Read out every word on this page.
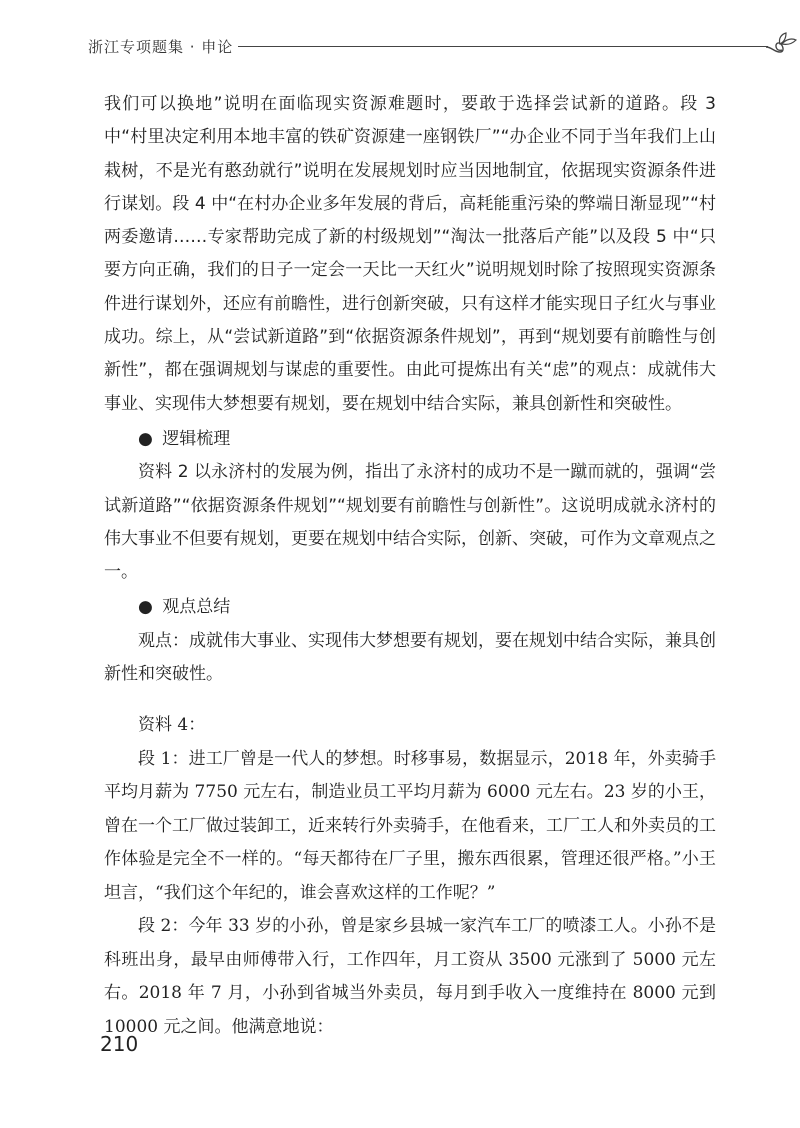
浙江专项题集 · 申论

我们可以换地”说明在面临现实资源难题时，要敢于选择尝试新的道路。段 3 中“村里决定利用本地丰富的铁矿资源建一座钢铁厂”“办企业不同于当年我们上山栽树，不是光有憨劲就行”说明在发展规划时应当因地制宜，依据现实资源条件进行谋划。段 4 中“在村办企业多年发展的背后，高耗能重污染的弊端日渐显现”“村两委邀请……专家帮助完成了新的村级规划”“淘汰一批落后产能”以及段 5 中“只要方向正确，我们的日子一定会一天比一天红火”说明规划时除了按照现实资源条件进行谋划外，还应有前瞻性，进行创新突破，只有这样才能实现日子红火与事业成功。综上，从“尝试新道路”到“依据资源条件规划”，再到“规划要有前瞻性与创新性”，都在强调规划与谋虑的重要性。由此可提炼出有关“虑”的观点：成就伟大事业、实现伟大梦想要有规划，要在规划中结合实际，兼具创新性和突破性。

● 逻辑梳理

资料 2 以永济村的发展为例，指出了永济村的成功不是一蹴而就的，强调“尝试新道路”“依据资源条件规划”“规划要有前瞻性与创新性”。这说明成就永济村的伟大事业不但要有规划，更要在规划中结合实际，创新、突破，可作为文章观点之一。

● 观点总结

观点：成就伟大事业、实现伟大梦想要有规划，要在规划中结合实际，兼具创新性和突破性。

资料 4：

段 1：进工厂曾是一代人的梦想。时移事易，数据显示，2018 年，外卖骑手平均月薪为 7750 元左右，制造业员工平均月薪为 6000 元左右。23 岁的小王，曾在一个工厂做过装卸工，近来转行外卖骑手，在他看来，工厂工人和外卖员的工作体验是完全不一样的。“每天都待在厂子里，搬东西很累，管理还很严格。”小王坦言，“我们这个年纪的，谁会喜欢这样的工作呢？”

段 2：今年 33 岁的小孙，曾是家乡县城一家汽车工厂的喷漆工人。小孙不是科班出身，最早由师傅带入行，工作四年，月工资从 3500 元涨到了 5000 元左右。2018 年 7 月，小孙到省城当外卖员，每月到手收入一度维持在 8000 元到 10000 元之间。他满意地说：

210
